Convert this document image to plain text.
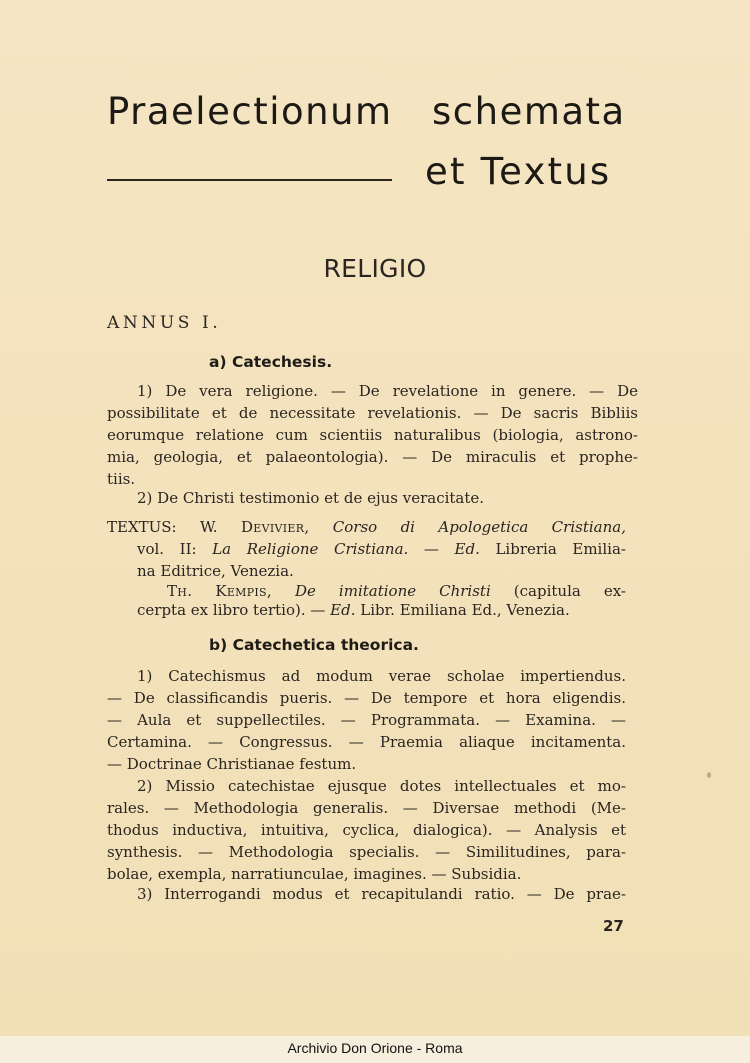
Praelectionum schemata
et Textus
RELIGIO
ANNUS I.
a) Catechesis.
1) De vera religione. — De revelatione in genere. — De
possibilitate et de necessitate revelationis. — De sacris Bibliis
eorumque relatione cum scientiis naturalibus (biologia, astrono-
mia, geologia, et palaeontologia). — De miraculis et prophe-
tiis.
2) De Christi testimonio et de ejus veracitate.
TEXTUS: W. Devivier, Corso di Apologetica Cristiana,
vol. II: La Religione Cristiana. — Ed. Libreria Emilia-
na Editrice, Venezia.
Th. Kempis, De imitatione Christi (capitula ex-
cerpta ex libro tertio). — Ed. Libr. Emiliana Ed., Venezia.
b) Catechetica theorica.
1) Catechismus ad modum verae scholae impertiendus.
— De classificandis pueris. — De tempore et hora eligendis.
— Aula et suppellectiles. — Programmata. — Examina. —
Certamina. — Congressus. — Praemia aliaque incitamenta.
— Doctrinae Christianae festum.
2) Missio catechistae ejusque dotes intellectuales et mo-
rales. — Methodologia generalis. — Diversae methodi (Me-
thodus inductiva, intuitiva, cyclica, dialogica). — Analysis et
synthesis. — Methodologia specialis. — Similitudines, para-
bolae, exempla, narratiunculae, imagines. — Subsidia.
3) Interrogandi modus et recapitulandi ratio. — De prae-
27
Archivio Don Orione - Roma
